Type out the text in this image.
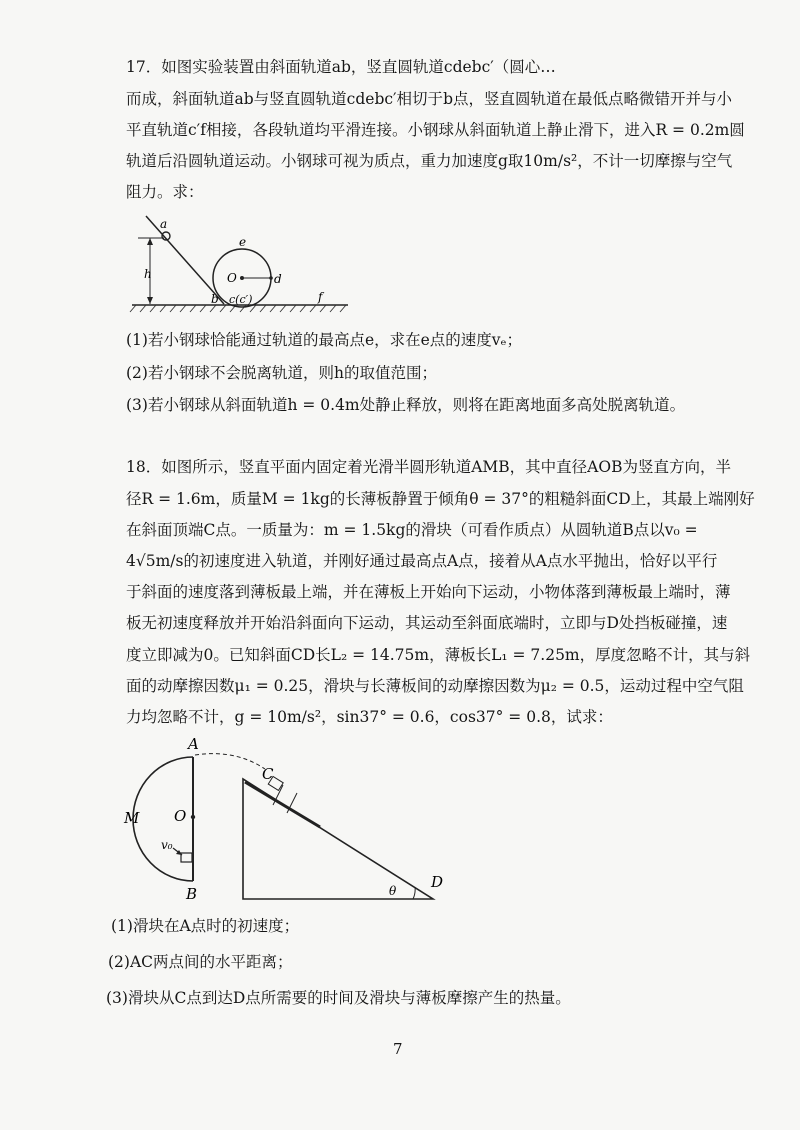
17．如图实验装置由斜面轨道ab，竖直圆轨道cdebc′（圆心…
而成，斜面轨道ab与竖直圆轨道cdebc′相切于b点，竖直圆轨道在最低点略微错开并与小
平直轨道c′f相接，各段轨道均平滑连接。小钢球从斜面轨道上静止滑下，进入R = 0.2m圆
轨道后沿圆轨道运动。小钢球可视为质点，重力加速度g取10m/s²，不计一切摩擦与空气
阻力。求：
a
h
b
e
O	d
c(c′)	f
(1)若小钢球恰能通过轨道的最高点e，求在e点的速度vₑ；
(2)若小钢球不会脱离轨道，则h的取值范围；
(3)若小钢球从斜面轨道h = 0.4m处静止释放，则将在距离地面多高处脱离轨道。
18．如图所示，竖直平面内固定着光滑半圆形轨道AMB，其中直径AOB为竖直方向，半
径R = 1.6m，质量M = 1kg的长薄板静置于倾角θ = 37°的粗糙斜面CD上，其最上端刚好
在斜面顶端C点。一质量为：m = 1.5kg的滑块（可看作质点）从圆轨道B点以v₀ =
4√5m/s的初速度进入轨道，并刚好通过最高点A点，接着从A点水平抛出，恰好以平行
于斜面的速度落到薄板最上端，并在薄板上开始向下运动，小物体落到薄板最上端时，薄
板无初速度释放并开始沿斜面向下运动，其运动至斜面底端时，立即与D处挡板碰撞，速
度立即减为0。已知斜面CD长L₂ = 14.75m，薄板长L₁ = 7.25m，厚度忽略不计，其与斜
面的动摩擦因数μ₁ = 0.25，滑块与长薄板间的动摩擦因数为μ₂ = 0.5，运动过程中空气阻
力均忽略不计，g = 10m/s²，sin37° = 0.6，cos37° = 0.8，试求：
A
M O
v₀
B
C
D
θ
(1)滑块在A点时的初速度；
(2)AC两点间的水平距离；
(3)滑块从C点到达D点所需要的时间及滑块与薄板摩擦产生的热量。
7
